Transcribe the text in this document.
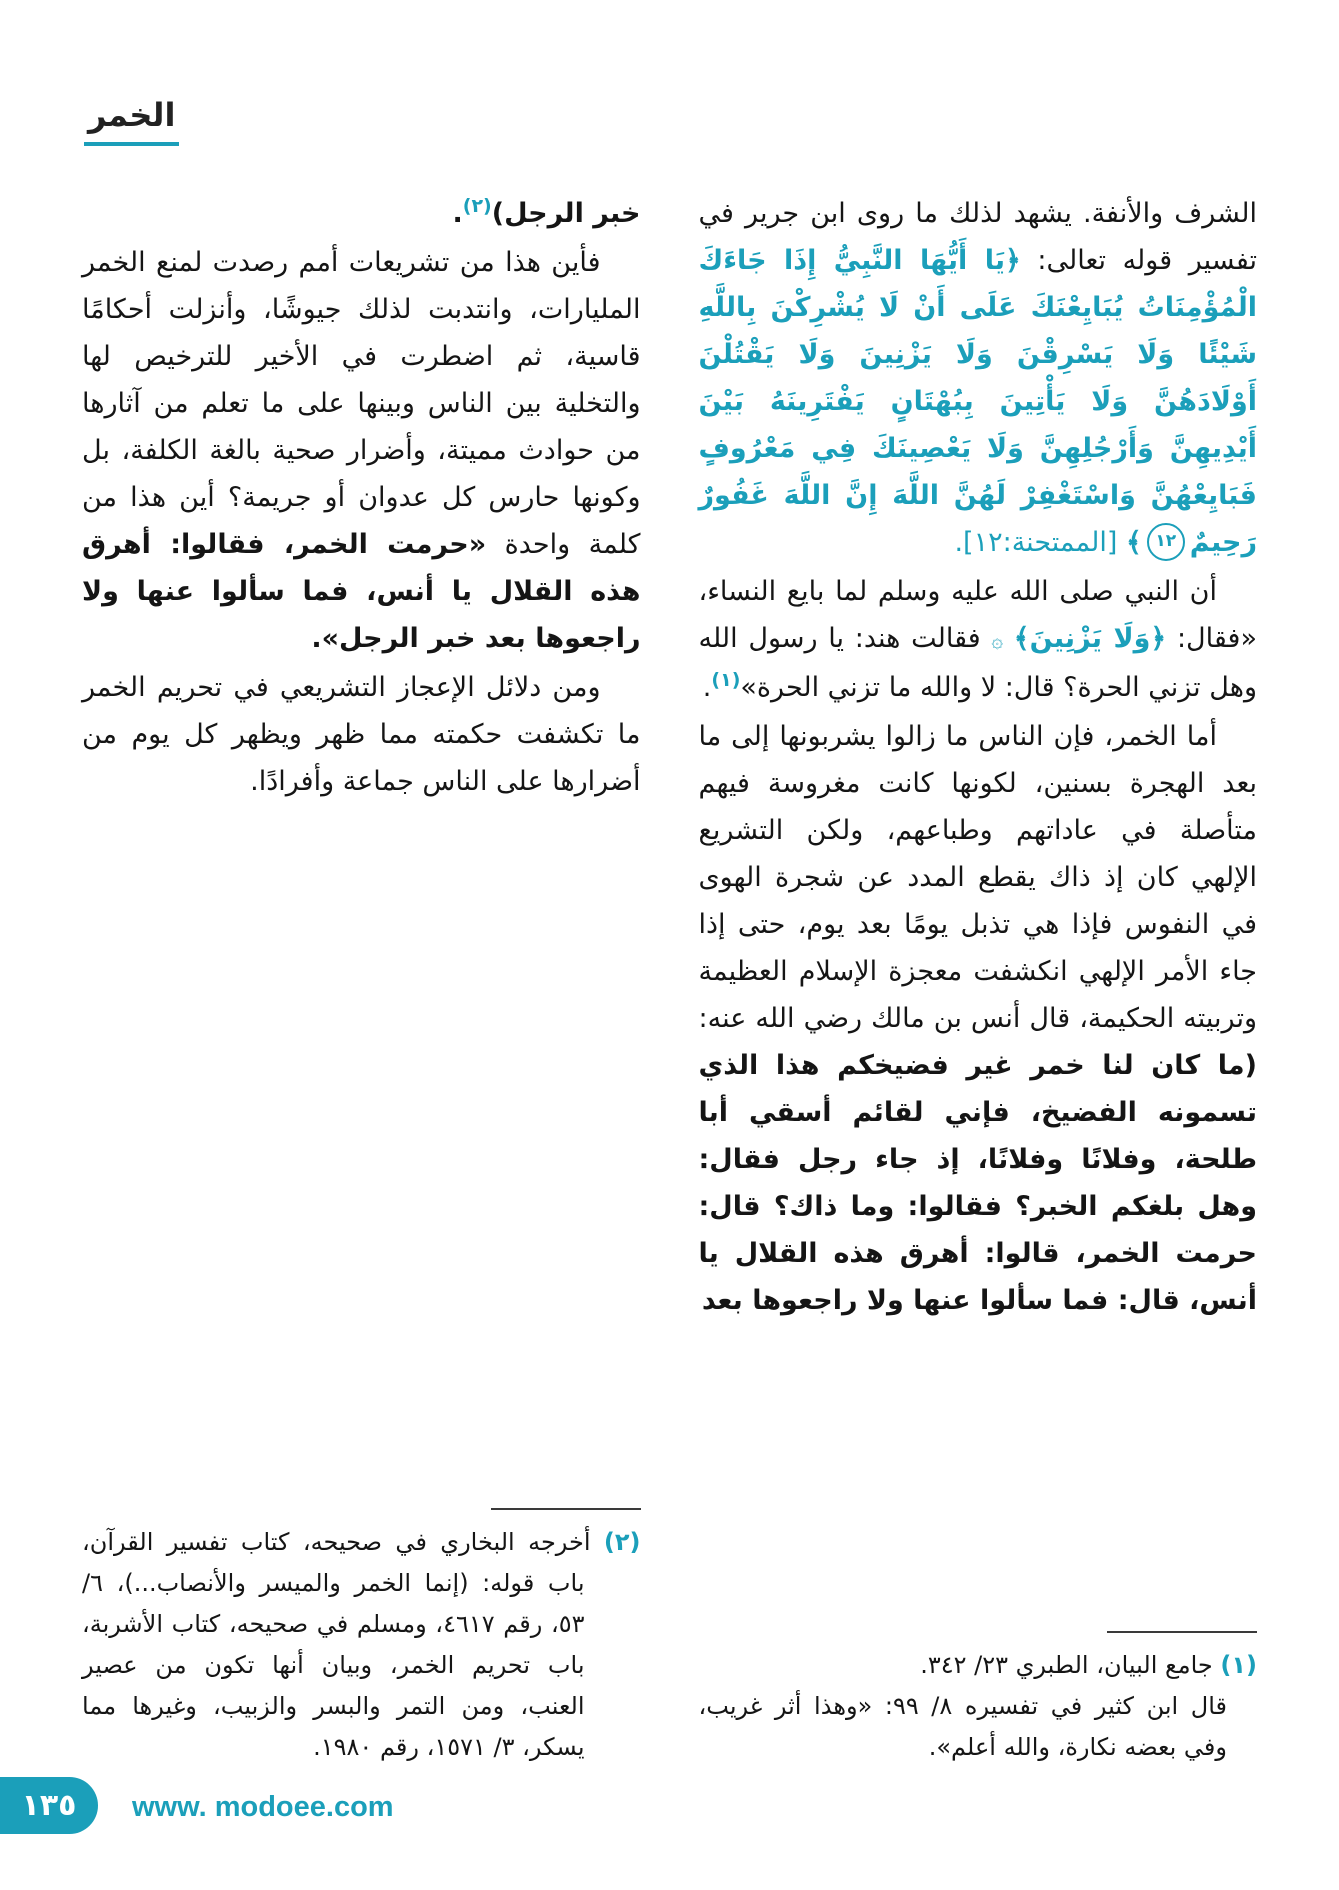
الخمر

الشرف والأنفة. يشهد لذلك ما روى ابن جرير في تفسير قوله تعالى: ﴿يَا أَيُّهَا النَّبِيُّ إِذَا جَاءَكَ الْمُؤْمِنَاتُ يُبَايِعْنَكَ عَلَى أَنْ لَا يُشْرِكْنَ بِاللَّهِ شَيْئًا وَلَا يَسْرِقْنَ وَلَا يَزْنِينَ وَلَا يَقْتُلْنَ أَوْلَادَهُنَّ وَلَا يَأْتِينَ بِبُهْتَانٍ يَفْتَرِينَهُ بَيْنَ أَيْدِيهِنَّ وَأَرْجُلِهِنَّ وَلَا يَعْصِينَكَ فِي مَعْرُوفٍ فَبَايِعْهُنَّ وَاسْتَغْفِرْ لَهُنَّ اللَّهَ إِنَّ اللَّهَ غَفُورٌ رَحِيمٌ١٢﴾ [الممتحنة:١٢].

أن النبي صلى الله عليه وسلم لما بايع النساء، «فقال: ﴿وَلَا يَزْنِينَ﴾ ۞ فقالت هند: يا رسول الله وهل تزني الحرة؟ قال: لا والله ما تزني الحرة»$^{(١)}$.

أما الخمر، فإن الناس ما زالوا يشربونها إلى ما بعد الهجرة بسنين، لكونها كانت مغروسة فيهم متأصلة في عاداتهم وطباعهم، ولكن التشريع الإلهي كان إذ ذاك يقطع المدد عن شجرة الهوى في النفوس فإذا هي تذبل يومًا بعد يوم، حتى إذا جاء الأمر الإلهي انكشفت معجزة الإسلام العظيمة وتربيته الحكيمة، قال أنس بن مالك رضي الله عنه: (ما كان لنا خمر غير فضيخكم هذا الذي تسمونه الفضيخ، فإني لقائم أسقي أبا طلحة، وفلانًا وفلانًا، إذ جاء رجل فقال: وهل بلغكم الخبر؟ فقالوا: وما ذاك؟ قال: حرمت الخمر، قالوا: أهرق هذه القلال يا أنس، قال: فما سألوا عنها ولا راجعوها بعد

(١) جامع البيان، الطبري ٢٣/ ٣٤٢.

قال ابن كثير في تفسيره ٨/ ٩٩: «وهذا أثر غريب، وفي بعضه نكارة، والله أعلم».

خبر الرجل)$^{(٢)}$.

فأين هذا من تشريعات أمم رصدت لمنع الخمر المليارات، وانتدبت لذلك جيوشًا، وأنزلت أحكامًا قاسية، ثم اضطرت في الأخير للترخيص لها والتخلية بين الناس وبينها على ما تعلم من آثارها من حوادث مميتة، وأضرار صحية بالغة الكلفة، بل وكونها حارس كل عدوان أو جريمة؟ أين هذا من كلمة واحدة «حرمت الخمر، فقالوا: أهرق هذه القلال يا أنس، فما سألوا عنها ولا راجعوها بعد خبر الرجل».

ومن دلائل الإعجاز التشريعي في تحريم الخمر ما تكشفت حكمته مما ظهر ويظهر كل يوم من أضرارها على الناس جماعة وأفرادًا.

(٢) أخرجه البخاري في صحيحه، كتاب تفسير القرآن، باب قوله: (إنما الخمر والميسر والأنصاب...)، ٦/ ٥٣، رقم ٤٦١٧، ومسلم في صحيحه، كتاب الأشربة، باب تحريم الخمر، وبيان أنها تكون من عصير العنب، ومن التمر والبسر والزبيب، وغيرها مما يسكر، ٣/ ١٥٧١، رقم ١٩٨٠.

١٣٥ www. modoee.com
